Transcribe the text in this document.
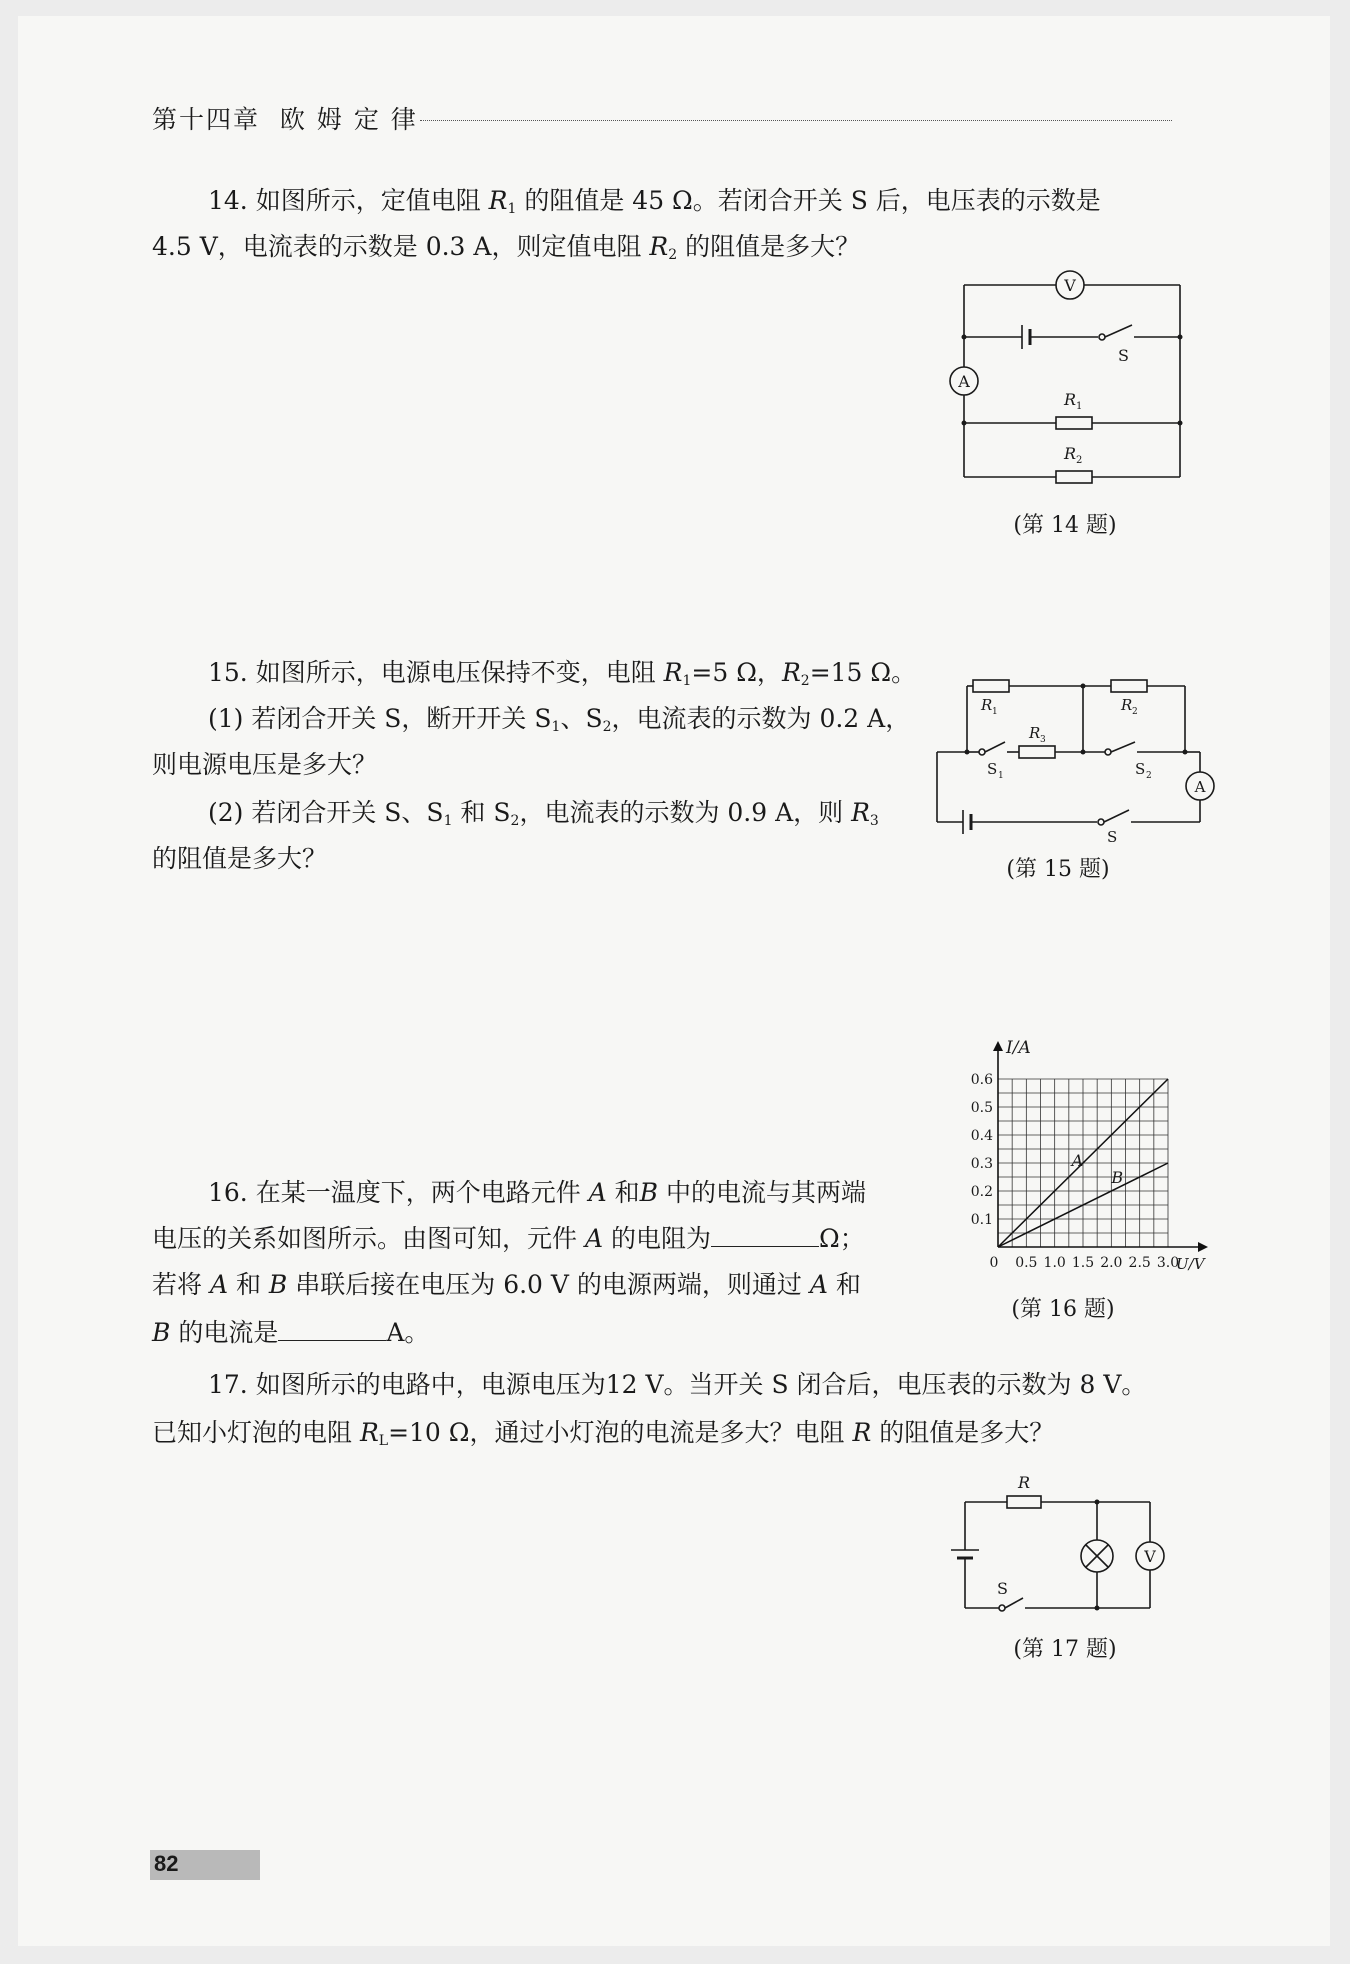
第十四章 欧 姆 定 律
14. 如图所示，定值电阻 $R_1$ 的阻值是 45 Ω。若闭合开关 S 后，电压表的示数是
4.5 V，电流表的示数是 0.3 A，则定值电阻 $R_2$ 的阻值是多大？
V
A
S
R 1
R 2
(第 14 题)
15. 如图所示，电源电压保持不变，电阻 $R_1=5$ Ω，$R_2=15$ Ω。
(1) 若闭合开关 S，断开开关 $S_1$、$S_2$，电流表的示数为 0.2 A，
则电源电压是多大？
(2) 若闭合开关 S、$S_1$ 和 $S_2$，电流表的示数为 0.9 A，则 $R_3$
的阻值是多大？
R 1	R 2
R 3
S 1	S 2
A
S
(第 15 题)
16. 在某一温度下，两个电路元件 A 和B 中的电流与其两端
电压的关系如图所示。由图可知，元件 A 的电阻为	Ω；
若将 A 和 B 串联后接在电压为 6.0 V 的电源两端，则通过 A 和
B 的电流是	A。
0 0.5 1.0 1.5 2.0 2.5 3.0
0.1
0.2
0.3
0.4
0.5
0.6
A
B
I/A
U/V
(第 16 题)
17. 如图所示的电路中，电源电压为12 V。当开关 S 闭合后，电压表的示数为 8 V。
已知小灯泡的电阻 $R_L=10$ Ω，通过小灯泡的电流是多大？电阻 R 的阻值是多大？
R
S
V
(第 17 题)
82
